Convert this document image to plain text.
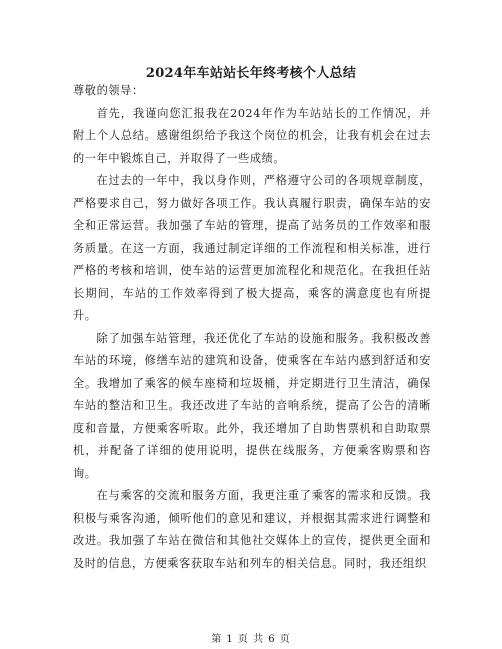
2024年车站站长年终考核个人总结

尊敬的领导：

首先，我谨向您汇报我在2024年作为车站站长的工作情况，并附上个人总结。感谢组织给予我这个岗位的机会，让我有机会在过去的一年中锻炼自己，并取得了一些成绩。

在过去的一年中，我以身作则，严格遵守公司的各项规章制度，严格要求自己，努力做好各项工作。我认真履行职责，确保车站的安全和正常运营。我加强了车站的管理，提高了站务员的工作效率和服务质量。在这一方面，我通过制定详细的工作流程和相关标准，进行严格的考核和培训，使车站的运营更加流程化和规范化。在我担任站长期间，车站的工作效率得到了极大提高，乘客的满意度也有所提升。

除了加强车站管理，我还优化了车站的设施和服务。我积极改善车站的环境，修缮车站的建筑和设备，使乘客在车站内感到舒适和安全。我增加了乘客的候车座椅和垃圾桶，并定期进行卫生清洁，确保车站的整洁和卫生。我还改进了车站的音响系统，提高了公告的清晰度和音量，方便乘客听取。此外，我还增加了自助售票机和自助取票机，并配备了详细的使用说明，提供在线服务，方便乘客购票和咨询。

在与乘客的交流和服务方面，我更注重了乘客的需求和反馈。我积极与乘客沟通，倾听他们的意见和建议，并根据其需求进行调整和改进。我加强了车站在微信和其他社交媒体上的宣传，提供更全面和及时的信息，方便乘客获取车站和列车的相关信息。同时，我还组织

第 1 页 共 6 页
